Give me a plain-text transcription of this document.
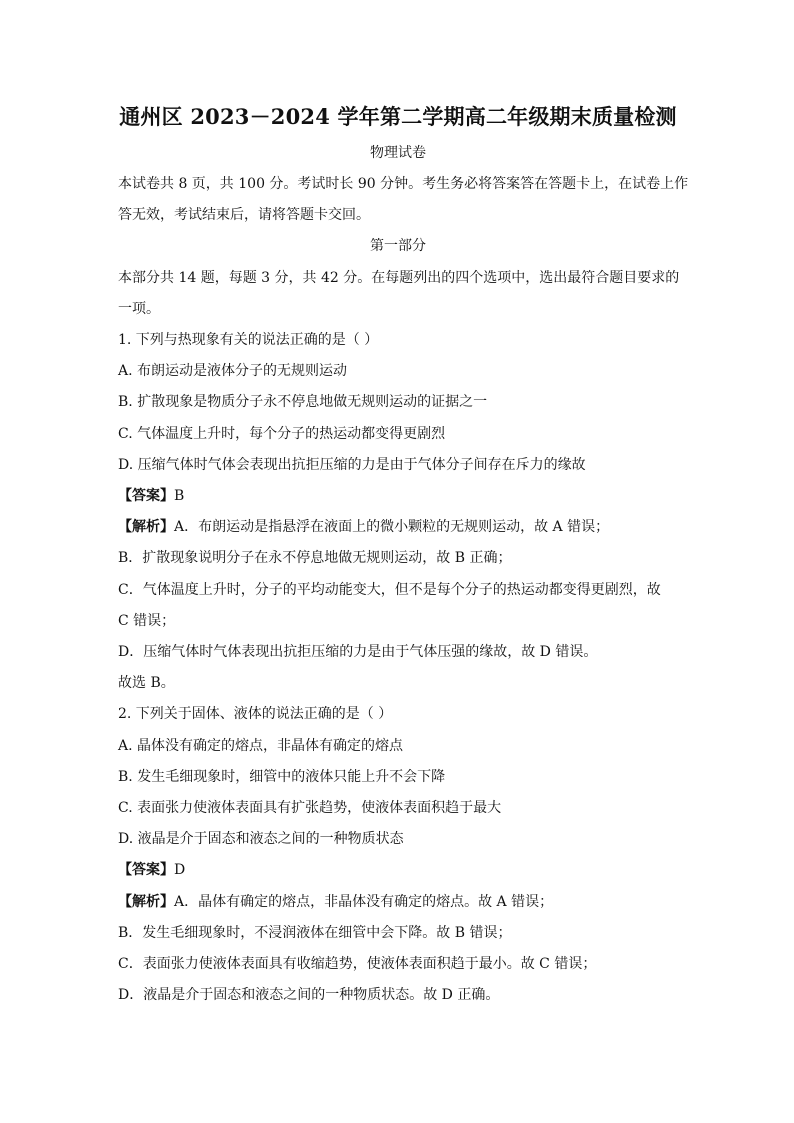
通州区 2023－2024 学年第二学期高二年级期末质量检测
物理试卷
本试卷共 8 页，共 100 分。考试时长 90 分钟。考生务必将答案答在答题卡上，在试卷上作
答无效，考试结束后，请将答题卡交回。
第一部分
本部分共 14 题，每题 3 分，共 42 分。在每题列出的四个选项中，选出最符合题目要求的
一项。
1. 下列与热现象有关的说法正确的是（ ）
A. 布朗运动是液体分子的无规则运动
B. 扩散现象是物质分子永不停息地做无规则运动的证据之一
C. 气体温度上升时，每个分子的热运动都变得更剧烈
D. 压缩气体时气体会表现出抗拒压缩的力是由于气体分子间存在斥力的缘故
【答案】B
【解析】A．布朗运动是指悬浮在液面上的微小颗粒的无规则运动，故 A 错误；
B．扩散现象说明分子在永不停息地做无规则运动，故 B 正确；
C．气体温度上升时，分子的平均动能变大，但不是每个分子的热运动都变得更剧烈，故
C 错误；
D．压缩气体时气体表现出抗拒压缩的力是由于气体压强的缘故，故 D 错误。
故选 B。
2. 下列关于固体、液体的说法正确的是（ ）
A. 晶体没有确定的熔点，非晶体有确定的熔点
B. 发生毛细现象时，细管中的液体只能上升不会下降
C. 表面张力使液体表面具有扩张趋势，使液体表面积趋于最大
D. 液晶是介于固态和液态之间的一种物质状态
【答案】D
【解析】A．晶体有确定的熔点，非晶体没有确定的熔点。故 A 错误；
B．发生毛细现象时，不浸润液体在细管中会下降。故 B 错误；
C．表面张力使液体表面具有收缩趋势，使液体表面积趋于最小。故 C 错误；
D．液晶是介于固态和液态之间的一种物质状态。故 D 正确。
